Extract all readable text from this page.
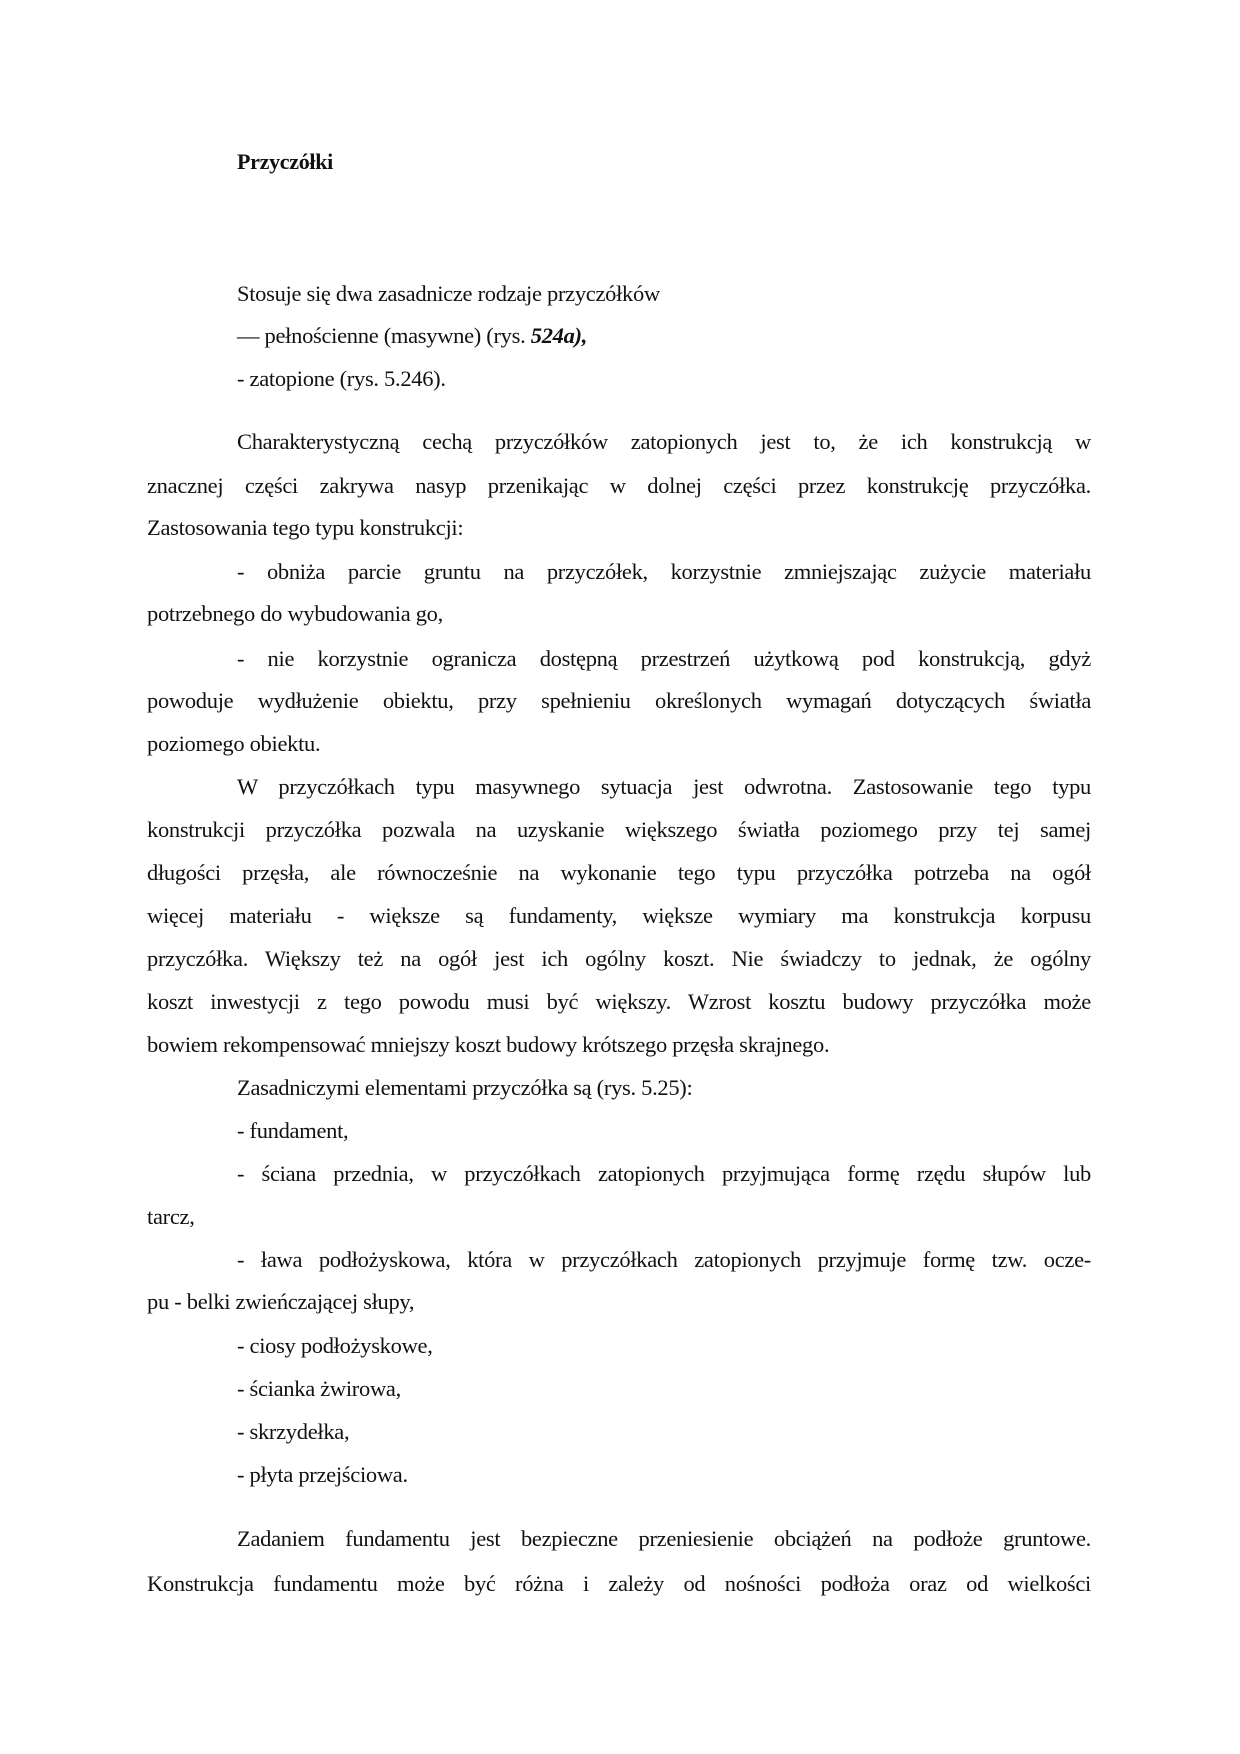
Przyczółki
Stosuje się dwa zasadnicze rodzaje przyczółków
— pełnościenne (masywne) (rys. 524a),
- zatopione (rys. 5.246).
Charakterystyczną cechą przyczółków zatopionych jest to, że ich konstrukcją w
znacznej części zakrywa nasyp przenikając w dolnej części przez konstrukcję przyczółka.
Zastosowania tego typu konstrukcji:
- obniża parcie gruntu na przyczółek, korzystnie zmniejszając zużycie materiału
potrzebnego do wybudowania go,
- nie korzystnie ogranicza dostępną przestrzeń użytkową pod konstrukcją, gdyż
powoduje wydłużenie obiektu, przy spełnieniu określonych wymagań dotyczących światła
poziomego obiektu.
W przyczółkach typu masywnego sytuacja jest odwrotna. Zastosowanie tego typu
konstrukcji przyczółka pozwala na uzyskanie większego światła poziomego przy tej samej
długości przęsła, ale równocześnie na wykonanie tego typu przyczółka potrzeba na ogół
więcej materiału - większe są fundamenty, większe wymiary ma konstrukcja korpusu
przyczółka. Większy też na ogół jest ich ogólny koszt. Nie świadczy to jednak, że ogólny
koszt inwestycji z tego powodu musi być większy. Wzrost kosztu budowy przyczółka może
bowiem rekompensować mniejszy koszt budowy krótszego przęsła skrajnego.
Zasadniczymi elementami przyczółka są (rys. 5.25):
- fundament,
- ściana przednia, w przyczółkach zatopionych przyjmująca formę rzędu słupów lub
tarcz,
- ława podłożyskowa, która w przyczółkach zatopionych przyjmuje formę tzw. ocze-
pu - belki zwieńczającej słupy,
- ciosy podłożyskowe,
- ścianka żwirowa,
- skrzydełka,
- płyta przejściowa.
Zadaniem fundamentu jest bezpieczne przeniesienie obciążeń na podłoże gruntowe.
Konstrukcja fundamentu może być różna i zależy od nośności podłoża oraz od wielkości
